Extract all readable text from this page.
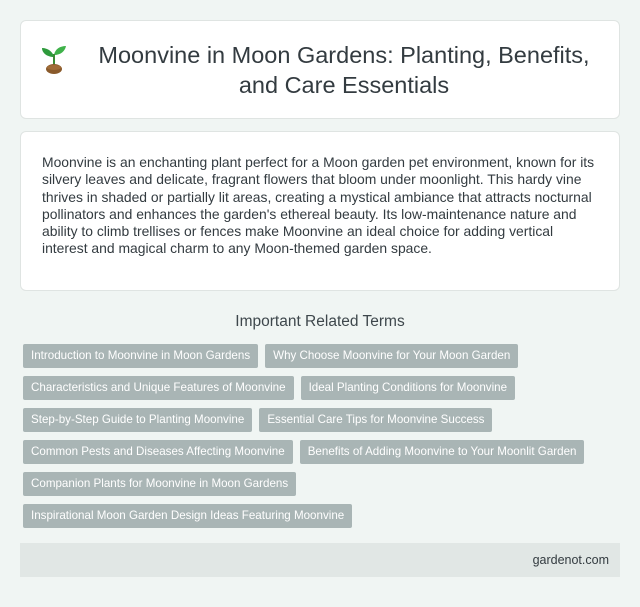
Moonvine in Moon Gardens: Planting, Benefits, and Care Essentials

Moonvine is an enchanting plant perfect for a Moon garden pet environment, known for its silvery leaves and delicate, fragrant flowers that bloom under moonlight. This hardy vine thrives in shaded or partially lit areas, creating a mystical ambiance that attracts nocturnal pollinators and enhances the garden's ethereal beauty. Its low-maintenance nature and ability to climb trellises or fences make Moonvine an ideal choice for adding vertical interest and magical charm to any Moon-themed garden space.

Important Related Terms
Introduction to Moonvine in Moon Gardens	Why Choose Moonvine for Your Moon Garden
Characteristics and Unique Features of Moonvine	Ideal Planting Conditions for Moonvine
Step-by-Step Guide to Planting Moonvine	Essential Care Tips for Moonvine Success
Common Pests and Diseases Affecting Moonvine	Benefits of Adding Moonvine to Your Moonlit Garden
Companion Plants for Moonvine in Moon Gardens
Inspirational Moon Garden Design Ideas Featuring Moonvine
gardenot.com
